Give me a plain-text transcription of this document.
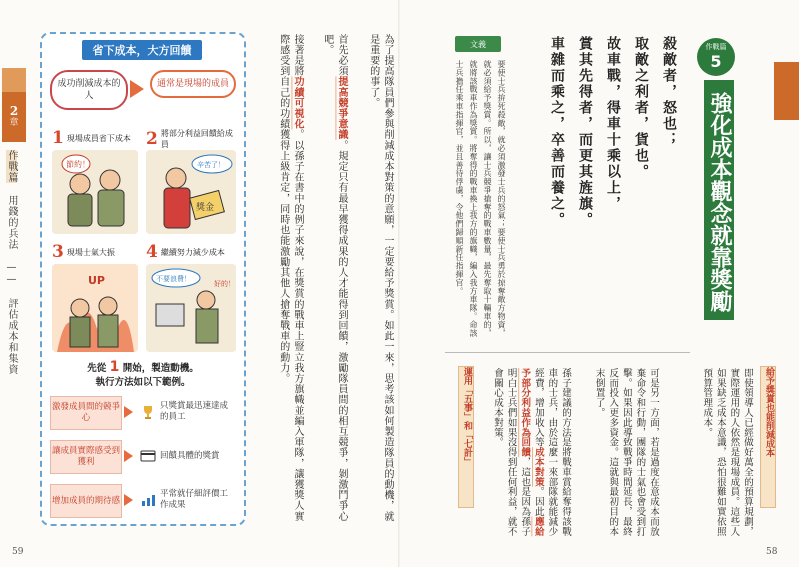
2
章
作戰篇 用錢的兵法 —— 評估成本和集資
省下成本，大方回饋
成功削減成本的人
通常是現場的成員
1 現場成員省下成本
節約！
2 將部分利益回饋給成員
獎金
辛苦了！
3 現場士氣大振
UP
4 繼續努力減少成本
不要浪費！
好的！
先從 1 開始，製造動機。
執行方法如以下範例。
激發成員間的競爭心
只獎賞最迅速達成的員工
讓成員實際感受到獲利
回饋具體的獎賞
增加成員的期待感
平常就仔細評價工作成果	為了提高隊員們參與削減成本對策的意願，一定要給予獎賞。如此一來，思考該如何製造隊員的動機，就是重要的事了。
首先必須提高競爭意識。規定只有最早獲得成果的人才能得到回饋，激勵隊員間的相互競爭，剝激鬥爭心吧。
接著是將功績可視化。以孫子在書中的例子來說，在獎賞的戰車上豎立我方旗幟並編入軍隊，讓獲獎人實際感受到自己的功績獲得上級肯定，同時也能激勵其他人搶奪戰車的動力。
59
文義	殺敵者，怒也；
取敵之利者，貨也。
故車戰，得車十乘以上，
賞其先得者，而更其旌旗。
車雜而乘之，卒善而養之。
要使士兵拚死殺敵，就必須激發士兵的怒氣；要使士兵勇於掠奪敵方物資，
就必須給予獎賞。所以，讓士兵競爭搶奪的戰車數量，最先奪取十輛車的，
就將該戰車作為獎賞。將奪得的戰車換上我方的旗幟，編入我方車隊。命該
士兵擔任乘車指揮官，並且善待俘虜，令他們歸順新任指揮官。
作戰篇
5
強化成本觀念就靠獎勵
給予獎賞也能削減成本
即使領導人已經做好萬全的預算規劃，實際運用的人依然是現場成員。這些人如果缺乏成本意識，恐怕很難如實依照預算管理成本。
可是另一方面，若是過度在意成本而放棄命令和行動，團隊的士氣也會受到打擊。如果因此導致戰爭時間延長，最終反而投入更多資金。這就與最初目的本末倒置了。
孫子建議的方法是將戰車賞給奪得該戰車的士兵，由於這麼一來部隊就能減少經費，增加收入等成本對策。因此應給予部分利益作為回饋，這也是因為孫子明白士兵們如果沒得到任何利益，就不會關心成本對策。
運用「五事」和「七計」
58
